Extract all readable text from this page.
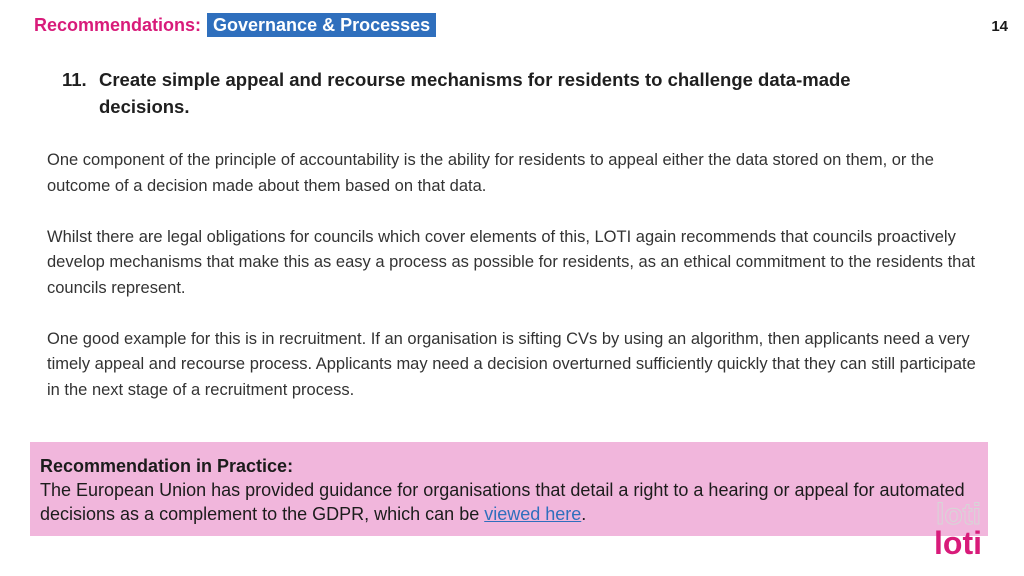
Recommendations: Governance & Processes	14
11. Create simple appeal and recourse mechanisms for residents to challenge data-made decisions.

One component of the principle of accountability is the ability for residents to appeal either the data stored on them, or the outcome of a decision made about them based on that data.

Whilst there are legal obligations for councils which cover elements of this, LOTI again recommends that councils proactively develop mechanisms that make this as easy a process as possible for residents, as an ethical commitment to the residents that councils represent.

One good example for this is in recruitment. If an organisation is sifting CVs by using an algorithm, then applicants need a very timely appeal and recourse process. Applicants may need a decision overturned sufficiently quickly that they can still participate in the next stage of a recruitment process.

Recommendation in Practice:
The European Union has provided guidance for organisations that detail a right to a hearing or appeal for automated decisions as a complement to the GDPR, which can be viewed here.	loti
loti
